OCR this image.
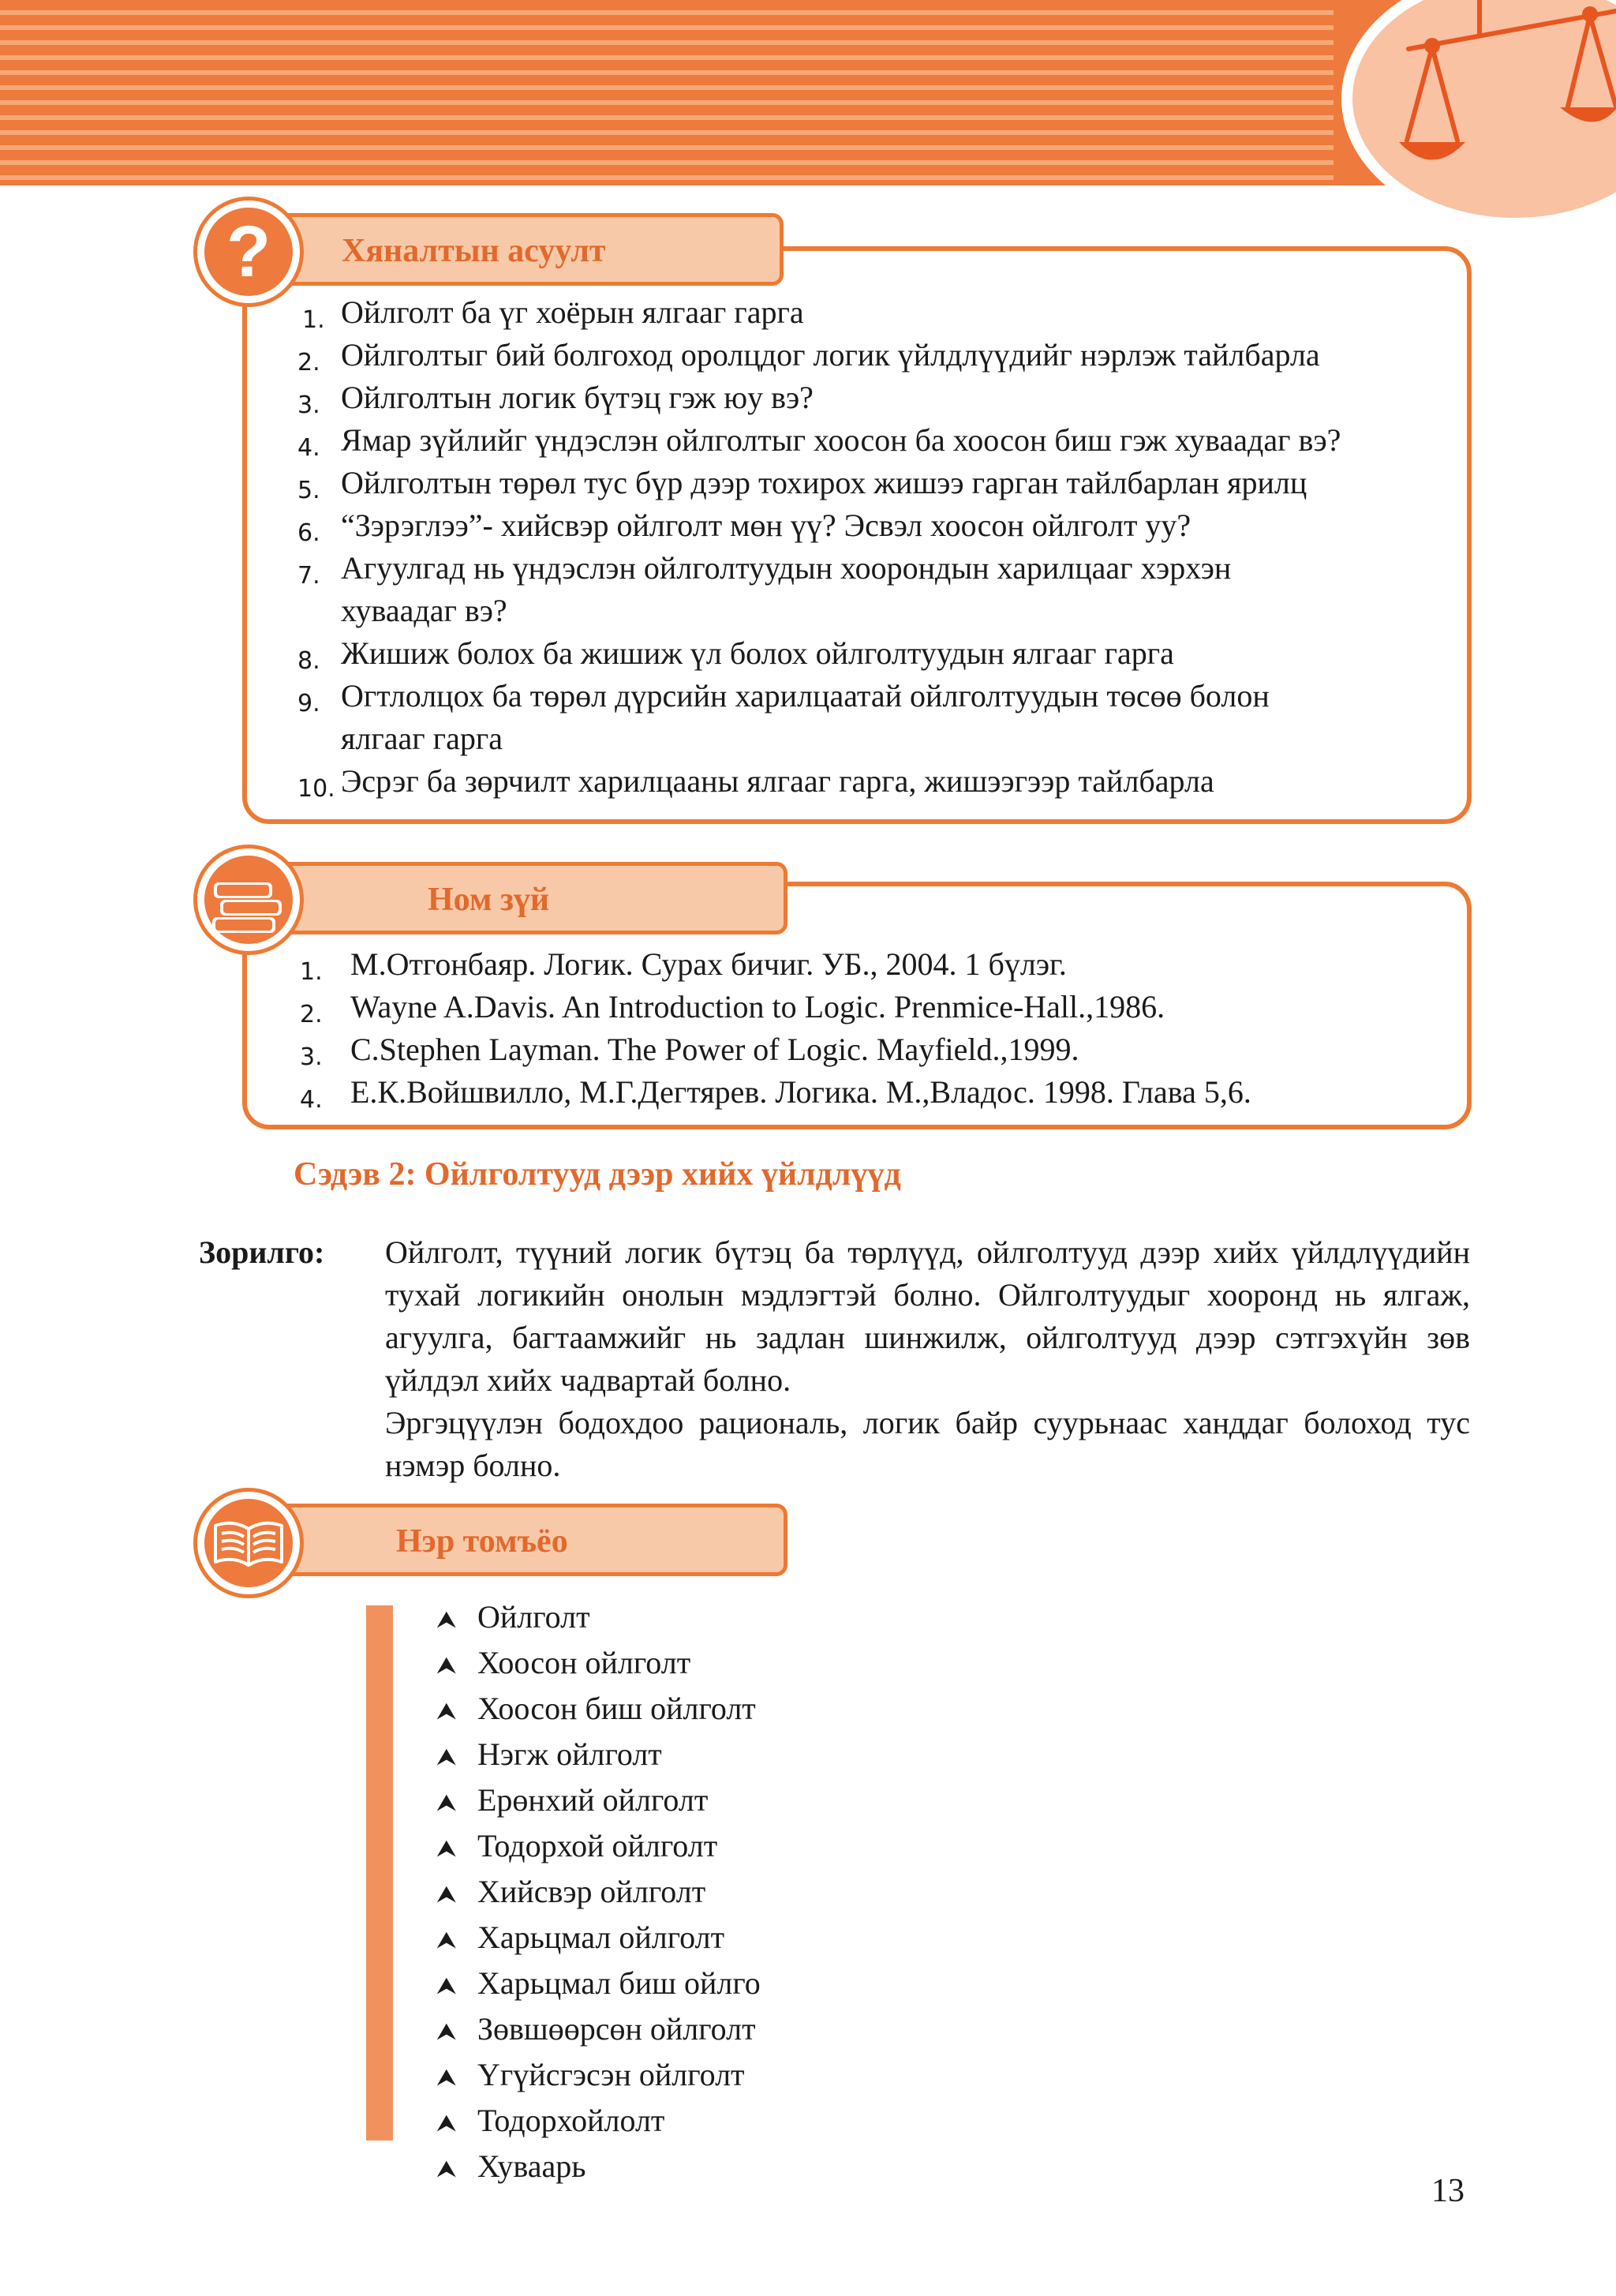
Хяналтын асуулт
?
1. Ойлголт ба үг хоёрын ялгааг гарга
2. Ойлголтыг бий болгоход оролцдог логик үйлдлүүдийг нэрлэж тайлбарла
3. Ойлголтын логик бүтэц гэж юу вэ?
4. Ямар зүйлийг үндэслэн ойлголтыг хоосон ба хоосон биш гэж хуваадаг вэ?
5. Ойлголтын төрөл тус бүр дээр тохирох жишээ гарган тайлбарлан ярилц
6. “Зэрэглээ”- хийсвэр ойлголт мөн үү? Эсвэл хоосон ойлголт уу?
7. Агуулгад нь үндэслэн ойлголтуудын хоорондын харилцааг хэрхэн
хуваадаг вэ?
8. Жишиж болох ба жишиж үл болох ойлголтуудын ялгааг гарга
9. Огтлолцох ба төрөл дүрсийн харилцаатай ойлголтуудын төсөө болон
ялгааг гарга
10. Эсрэг ба зөрчилт харилцааны ялгааг гарга, жишээгээр тайлбарла
Ном зүй
1. М.Отгонбаяр. Логик. Сурах бичиг. УБ., 2004. 1 бүлэг.
2. Wayne A.Davis. An Introduction to Logic. Prenmice-Hall.,1986.
3. C.Stephen Layman. The Power of Logic. Mayfield.,1999.
4. Е.К.Войшвилло, М.Г.Дегтярев. Логика. М.,Владос. 1998. Глава 5,6.
Сэдэв 2: Ойлголтууд дээр хийх үйлдлүүд
Зорилго: Ойлголт, түүний логик бүтэц ба төрлүүд, ойлголтууд дээр хийх үйлдлүүдийн тухай логикийн онолын мэдлэгтэй болно. Ойлголтуудыг хооронд нь ялгаж, агуулга, багтаамжийг нь задлан шинжилж, ойлголтууд дээр сэтгэхүйн зөв үйлдэл хийх чадвартай болно.
Эргэцүүлэн бодохдоо рациональ, логик байр суурьнаас ханддаг болоход тус нэмэр болно.
Нэр томъёо
⮝ Ойлголт
⮝ Хоосон ойлголт
⮝ Хоосон биш ойлголт
⮝ Нэгж ойлголт
⮝ Ерөнхий ойлголт
⮝ Тодорхой ойлголт
⮝ Хийсвэр ойлголт
⮝ Харьцмал ойлголт
⮝ Харьцмал биш ойлго
⮝ Зөвшөөрсөн ойлголт
⮝ Үгүйсгэсэн ойлголт
⮝ Тодорхойлолт
⮝ Хуваарь
13
